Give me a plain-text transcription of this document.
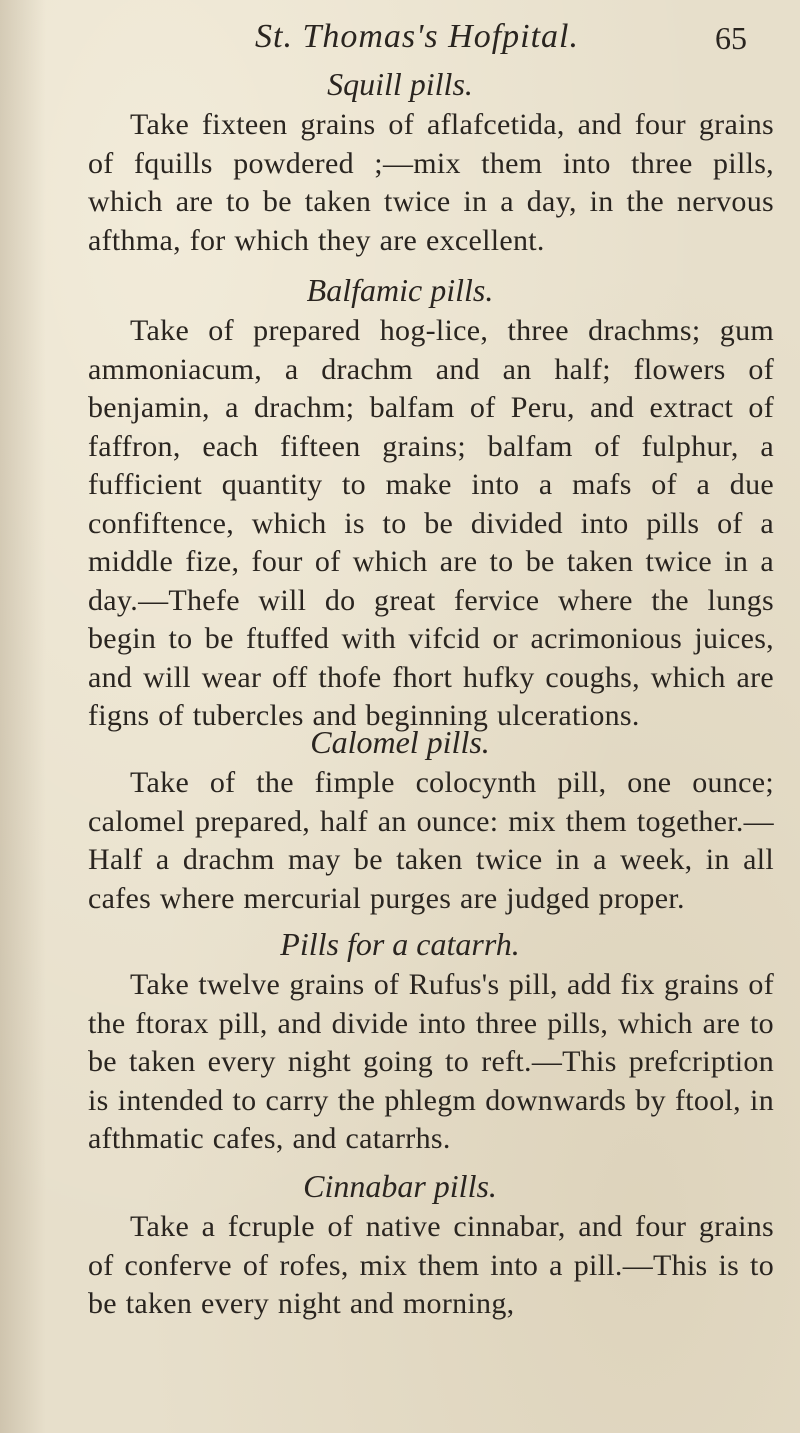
St. Thomas's Hofpital.	65
Squill pills.

Take fixteen grains of aflafcetida, and four grains of fquills powdered ;—mix them into three pills, which are to be taken twice in a day, in the nervous afthma, for which they are excellent.

Balfamic pills.

Take of prepared hog-lice, three drachms; gum ammoniacum, a drachm and an half; flowers of benjamin, a drachm; balfam of Peru, and extract of faffron, each fifteen grains; balfam of fulphur, a fufficient quantity to make into a mafs of a due confiftence, which is to be divided into pills of a middle fize, four of which are to be taken twice in a day.—Thefe will do great fervice where the lungs begin to be ftuffed with vifcid or acrimonious juices, and will wear off thofe fhort hufky coughs, which are figns of tubercles and beginning ulcerations.

Calomel pills.

Take of the fimple colocynth pill, one ounce; calomel prepared, half an ounce: mix them together.—Half a drachm may be taken twice in a week, in all cafes where mercurial purges are judged proper.

Pills for a catarrh.

Take twelve grains of Rufus's pill, add fix grains of the ftorax pill, and divide into three pills, which are to be taken every night going to reft.—This prefcription is intended to carry the phlegm downwards by ftool, in afthmatic cafes, and catarrhs.

Cinnabar pills.

Take a fcruple of native cinnabar, and four grains of conferve of rofes, mix them into a pill.—This is to be taken every night and morning,
